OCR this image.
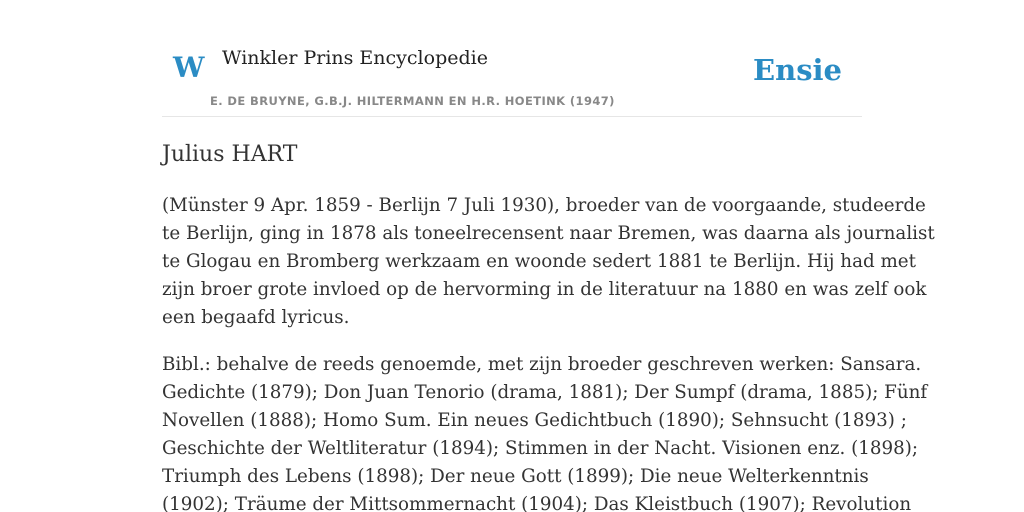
W Winkler Prins Encyclopedie
E. DE BRUYNE, G.B.J. HILTERMANN EN H.R. HOETINK (1947)
Ensie
Julius HART

(Münster 9 Apr. 1859 - Berlijn 7 Juli 1930), broeder van de voorgaande, studeerde
te Berlijn, ging in 1878 als toneelrecensent naar Bremen, was daarna als journalist
te Glogau en Bromberg werkzaam en woonde sedert 1881 te Berlijn. Hij had met
zijn broer grote invloed op de hervorming in de literatuur na 1880 en was zelf ook
een begaafd lyricus.

Bibl.: behalve de reeds genoemde, met zijn broeder geschreven werken: Sansara.
Gedichte (1879); Don Juan Tenorio (drama, 1881); Der Sumpf (drama, 1885); Fünf
Novellen (1888); Homo Sum. Ein neues Gedichtbuch (1890); Sehnsucht (1893) ;
Geschichte der Weltliteratur (1894); Stimmen in der Nacht. Visionen enz. (1898);
Triumph des Lebens (1898); Der neue Gott (1899); Die neue Welterkenntnis
(1902); Träume der Mittsommernacht (1904); Das Kleistbuch (1907); Revolution
